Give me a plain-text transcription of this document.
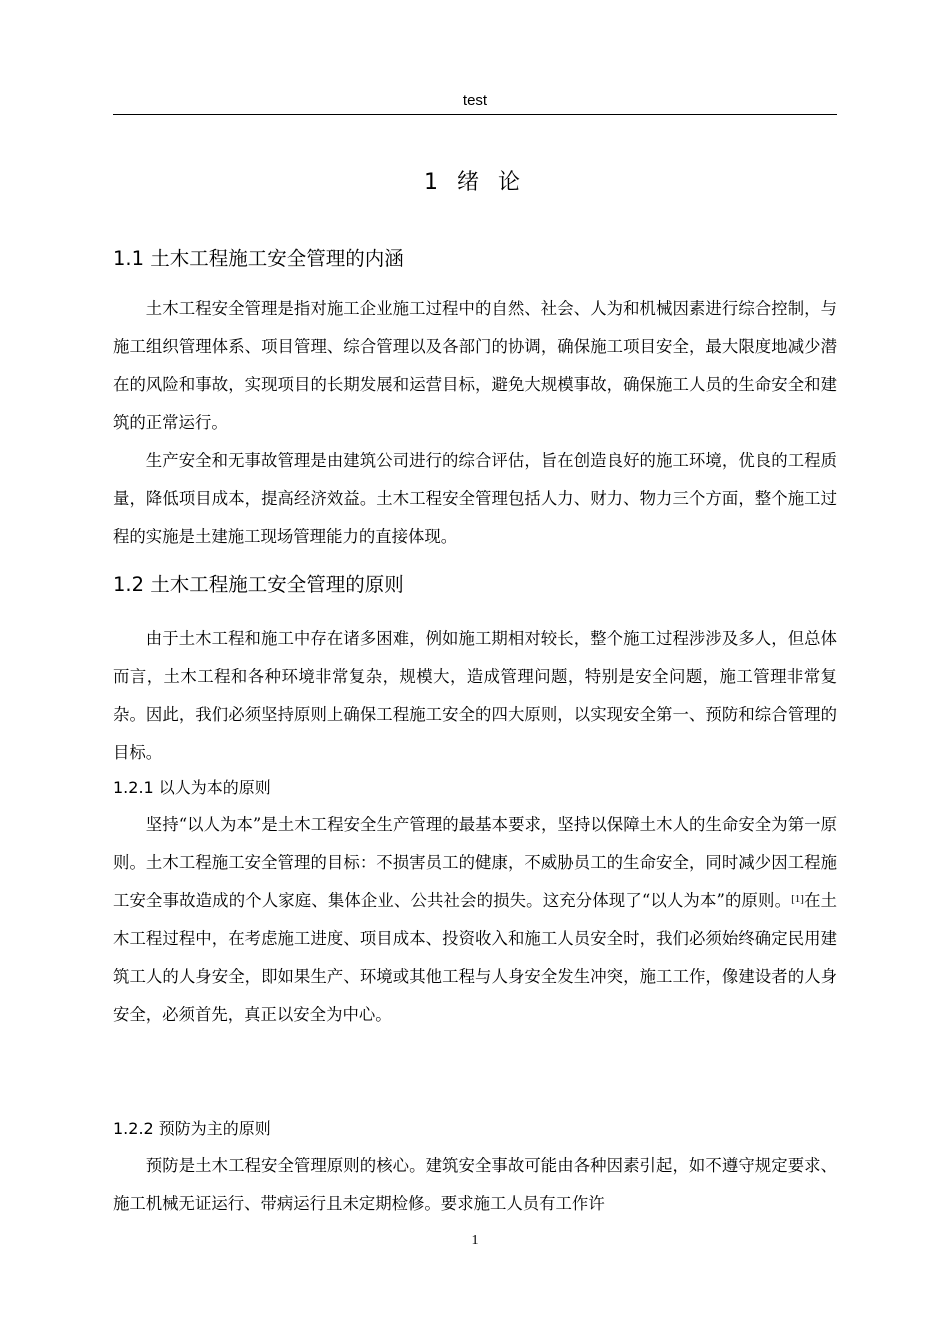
test
1 绪 论
1.1 土木工程施工安全管理的内涵
土木工程安全管理是指对施工企业施工过程中的自然、社会、人为和机械因素进行综合控制，与施工组织管理体系、项目管理、综合管理以及各部门的协调，确保施工项目安全，最大限度地减少潜在的风险和事故，实现项目的长期发展和运营目标，避免大规模事故，确保施工人员的生命安全和建筑的正常运行。
生产安全和无事故管理是由建筑公司进行的综合评估，旨在创造良好的施工环境，优良的工程质量，降低项目成本，提高经济效益。土木工程安全管理包括人力、财力、物力三个方面，整个施工过程的实施是土建施工现场管理能力的直接体现。
1.2 土木工程施工安全管理的原则
由于土木工程和施工中存在诸多困难，例如施工期相对较长，整个施工过程涉涉及多人，但总体而言，土木工程和各种环境非常复杂，规模大，造成管理问题，特别是安全问题，施工管理非常复杂。因此，我们必须坚持原则上确保工程施工安全的四大原则，以实现安全第一、预防和综合管理的目标。
1.2.1 以人为本的原则
坚持“以人为本”是土木工程安全生产管理的最基本要求，坚持以保障土木人的生命安全为第一原则。土木工程施工安全管理的目标：不损害员工的健康，不威胁员工的生命安全，同时减少因工程施工安全事故造成的个人家庭、集体企业、公共社会的损失。这充分体现了“以人为本”的原则。[1]在土木工程过程中，在考虑施工进度、项目成本、投资收入和施工人员安全时，我们必须始终确定民用建筑工人的人身安全，即如果生产、环境或其他工程与人身安全发生冲突，施工工作，像建设者的人身安全，必须首先，真正以安全为中心。
1.2.2 预防为主的原则
预防是土木工程安全管理原则的核心。建筑安全事故可能由各种因素引起，如不遵守规定要求、施工机械无证运行、带病运行且未定期检修。要求施工人员有工作许
1
